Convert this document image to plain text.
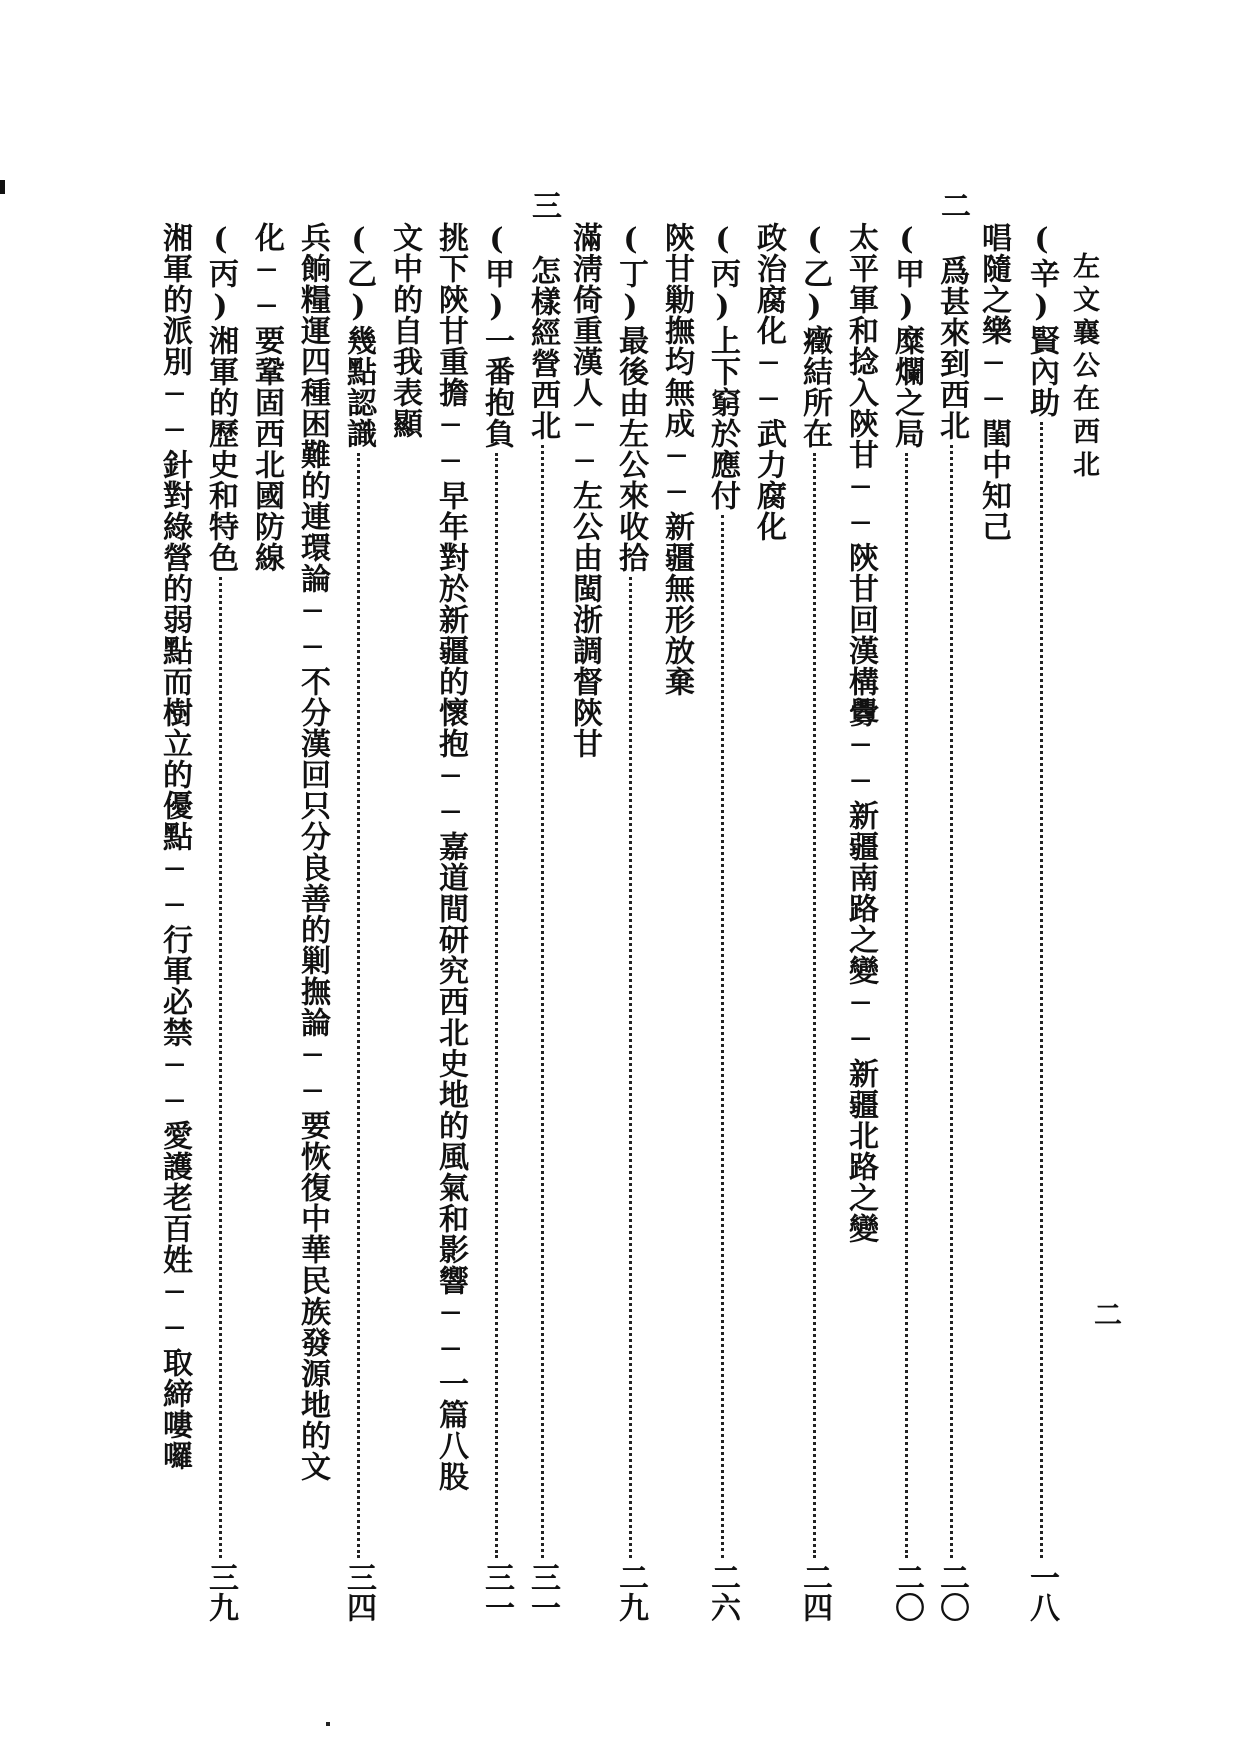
左文襄公在西北
二
二
三
(辛)賢內助
一八
唱隨之樂──閨中知己
爲甚來到西北
二〇
(甲)糜爛之局
二〇
太平軍和捻入陝甘──陝甘回漢構釁──新疆南路之變──新疆北路之變
(乙)癥結所在
二四
政治腐化──武力腐化
(丙)上下窮於應付
二六
陝甘勦撫均無成──新疆無形放棄
(丁)最後由左公來收拾
二九
滿淸倚重漢人──左公由閩浙調督陝甘
怎樣經營西北
三一
(甲)一番抱負
三一
挑下陝甘重擔──早年對於新疆的懷抱──嘉道間研究西北史地的風氣和影響──一篇八股
文中的自我表顯
(乙)幾點認識
三四
兵餉糧運四種困難的連環論──不分漢回只分良善的剿撫論──要恢復中華民族發源地的文
化──要鞏固西北國防線
(丙)湘軍的歷史和特色
三九
湘軍的派別──針對綠營的弱點而樹立的優點──行軍必禁──愛護老百姓──取締嘍囉
